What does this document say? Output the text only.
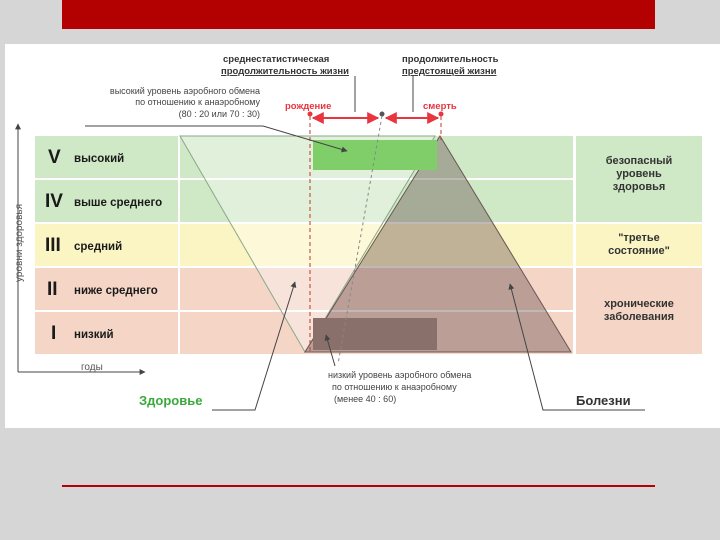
уровни здоровья
годы
среднестатистическая
продолжительность жизни
продолжительность
предстоящей жизни
высокий уровень аэробного обмена
по отношению к анаэробному
(80 : 20 или 70 : 30)
рождение	смерть
V высокий
IV выше среднего
III средний
II ниже среднего
I низкий
безопасный
уровень
здоровья
"третье
состояние"
хронические
заболевания
низкий уровень аэробного обмена
по отношению к анаэробному
(менее 40 : 60)
Здоровье	Болезни
